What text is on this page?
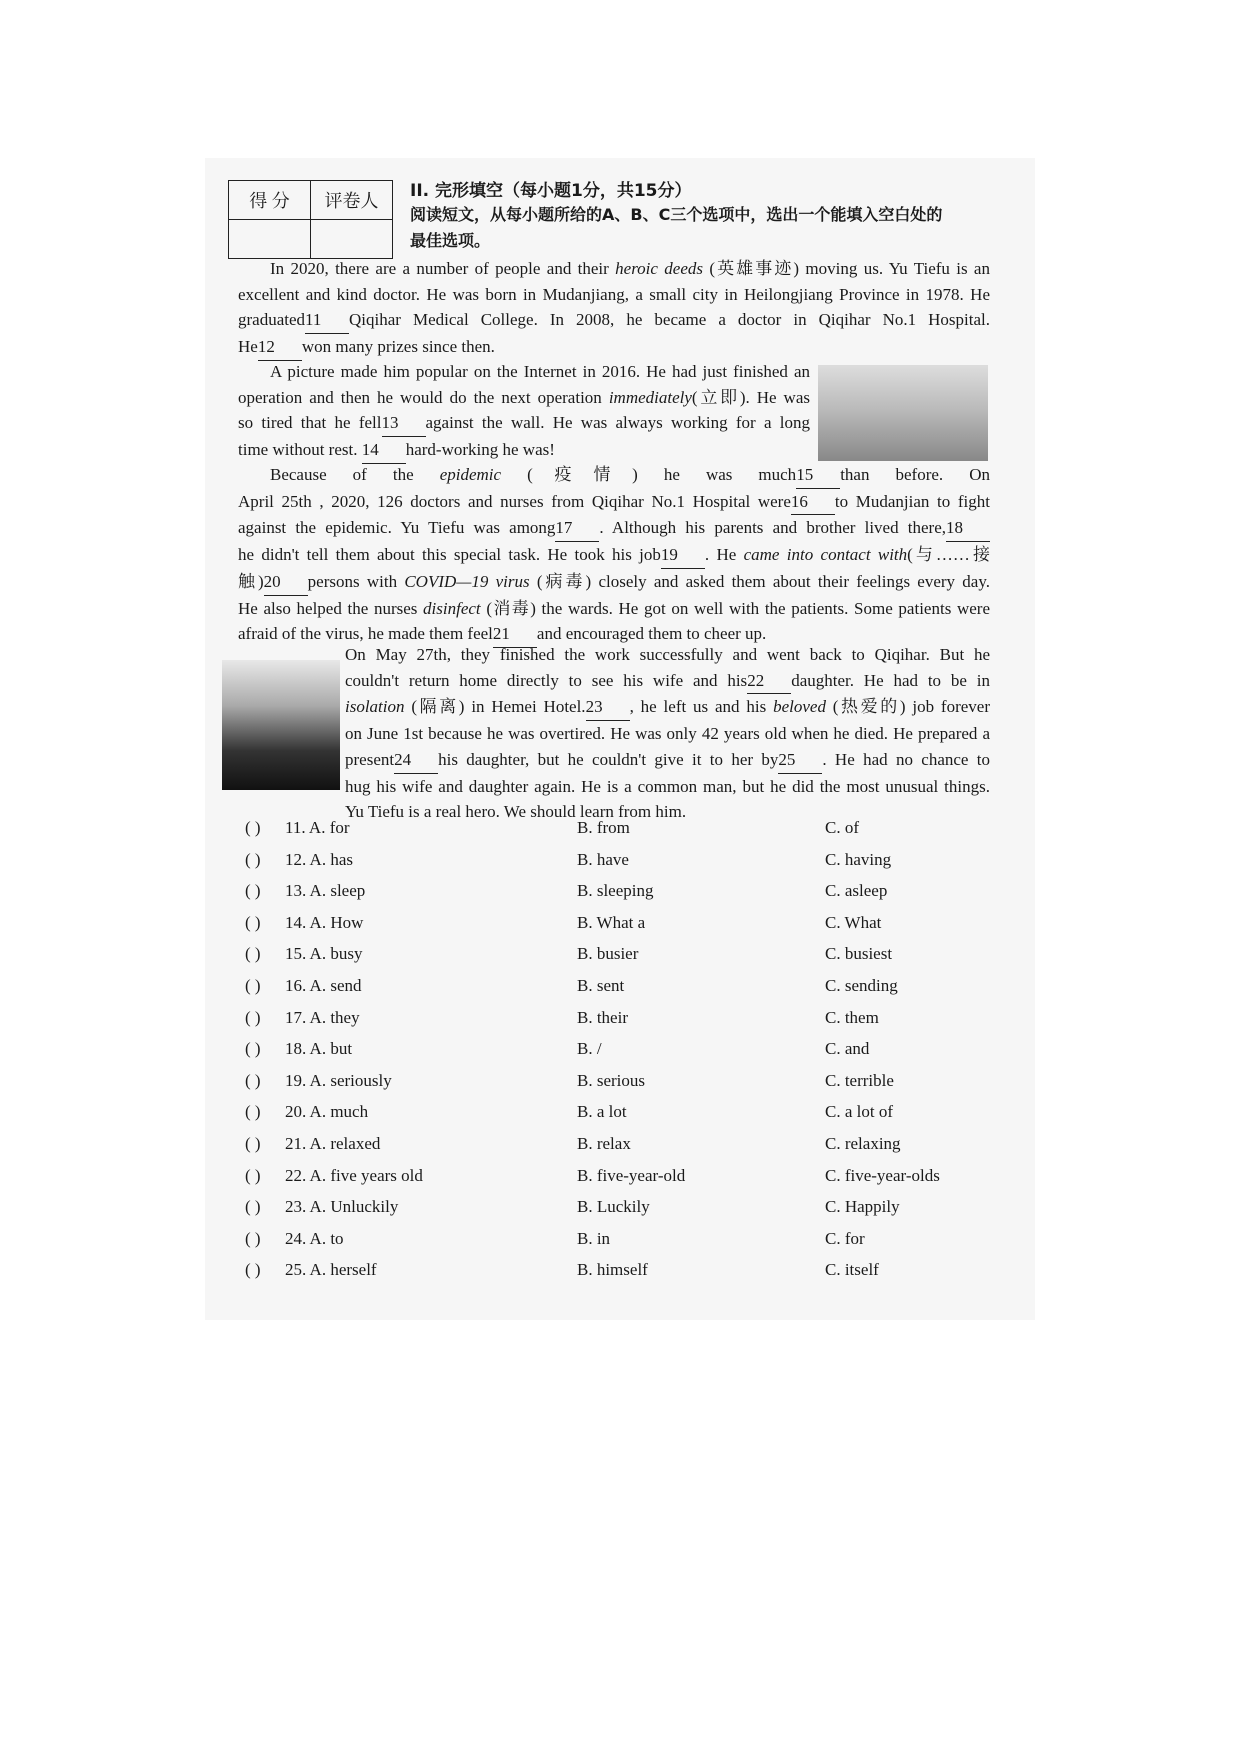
得 分	评卷人
	II. 完形填空（每小题1分，共15分）
阅读短文，从每小题所给的A、B、C三个选项中，选出一个能填入空白处的
最佳选项。
In 2020, there are a number of people and their heroic deeds (英雄事迹) moving us. Yu Tiefu is an
excellent and kind doctor. He was born in Mudanjiang, a small city in Heilongjiang Province in 1978. He
graduated11 Qiqihar Medical College. In 2008, he became a doctor in Qiqihar No.1 Hospital.
He12 won many prizes since then.
A picture made him popular on the Internet in 2016. He had just finished an
operation and then he would do the next operation immediately(立即). He was
so tired that he fell13 against the wall. He was always working for a long
time without rest. 14 hard-working he was!
Because of the epidemic (疫情) he was much15 than before. On
April 25th , 2020, 126 doctors and nurses from Qiqihar No.1 Hospital were16 to Mudanjian to fight
against the epidemic. Yu Tiefu was among17 . Although his parents and brother lived there,18
he didn't tell them about this special task. He took his job19 . He came into contact with(与……接
触)20 persons with COVID—19 virus (病毒) closely and asked them about their feelings every day.
He also helped the nurses disinfect (消毒) the wards. He got on well with the patients. Some patients were
afraid of the virus, he made them feel21 and encouraged them to cheer up.
On May 27th, they finished the work successfully and went back to Qiqihar. But he
couldn't return home directly to see his wife and his22 daughter. He had to be in
isolation (隔离) in Hemei Hotel.23 , he left us and his beloved (热爱的) job forever
on June 1st because he was overtired. He was only 42 years old when he died. He prepared a
present24 his daughter, but he couldn't give it to her by25 . He had no chance to
hug his wife and daughter again. He is a common man, but he did the most unusual things.
Yu Tiefu is a real hero. We should learn from him.
( ) 11. A. for	B. from	C. of
( ) 12. A. has	B. have	C. having
( ) 13. A. sleep	B. sleeping	C. asleep
( ) 14. A. How	B. What a	C. What
( ) 15. A. busy	B. busier	C. busiest
( ) 16. A. send	B. sent	C. sending
( ) 17. A. they	B. their	C. them
( ) 18. A. but	B. /	C. and
( ) 19. A. seriously	B. serious	C. terrible
( ) 20. A. much	B. a lot	C. a lot of
( ) 21. A. relaxed	B. relax	C. relaxing
( ) 22. A. five years old	B. five-year-old	C. five-year-olds
( ) 23. A. Unluckily	B. Luckily	C. Happily
( ) 24. A. to	B. in	C. for
( ) 25. A. herself	B. himself	C. itself
